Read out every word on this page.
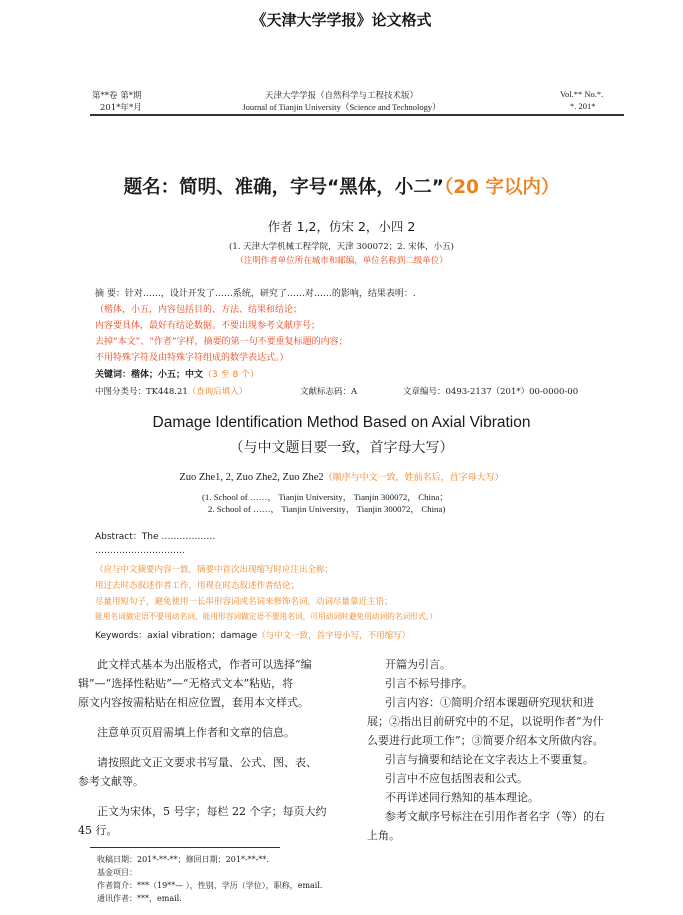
《天津大学学报》论文格式
第**卷 第*期
201*年*月
天津大学学报（自然科学与工程技术版）
Journal of Tianjin University（Science and Technology）
Vol.** No.*.
*. 201*
题名：简明、准确，字号“黑体，小二”（20 字以内）
作者 1,2，仿宋 2，小四 2
(1. 天津大学机械工程学院，天津 300072；2. 宋体，小五)
（注明作者单位所在城市和邮编，单位名称到二级单位）
摘 要：针对……，设计开发了……系统，研究了……对……的影响，结果表明：.
（楷体，小五，内容包括目的、方法、结果和结论；
内容要具体，最好有结论数据。不要出现参考文献序号；
去掉“本文”、“作者”字样，摘要的第一句不要重复标题的内容；
不用特殊字符及由特殊字符组成的数学表达式。）
关键词：楷体；小五；中文（3 至 8 个）
中图分类号：TK448.21（查询后填入）	文献标志码：A	文章编号：0493-2137（201*）00-0000-00
Damage Identification Method Based on Axial Vibration
（与中文题目要一致，首字母大写）
Zuo Zhe1, 2, Zuo Zhe2, Zuo Zhe2（顺序与中文一致，姓前名后，首字母大写）
(1. School of ……， Tianjin University， Tianjin 300072， China；
2. School of ……， Tianjin University， Tianjin 300072， China)
Abstract：The ………………
…………………………
（应与中文摘要内容一致，摘要中首次出现缩写时应注出全称；
用过去时态叙述作者工作，用现在时态叙述作者结论；
尽量用短句子，避免使用一长串形容词或名词来修饰名词，动词尽量靠近主语；
能用名词做定语不要用动名词，能用形容词做定语不要用名词，可用动词时避免用动词的名词形式。）
Keywords：axial vibration；damage（与中文一致，首字母小写，不用缩写）
此文样式基本为出版格式，作者可以选择“编
辑”—“选择性粘贴”—“无格式文本”粘贴，将
原文内容按需粘贴在相应位置，套用本文样式。
注意单页页眉需填上作者和文章的信息。
请按照此文正文要求书写量、公式、图、表、
参考文献等。
正文为宋体，5 号字；每栏 22 个字；每页大约
45 行。
开篇为引言。
引言不标号排序。
引言内容：①简明介绍本课题研究现状和进
展；②指出目前研究中的不足，以说明作者“为什
么要进行此项工作”；③简要介绍本文所做内容。
引言与摘要和结论在文字表达上不要重复。
引言中不应包括图表和公式。
不再详述同行熟知的基本理论。
参考文献序号标注在引用作者名字（等）的右
上角。
收稿日期：201*-**-**；修回日期：201*-**-**.
基金项目：
作者简介：***（19**— ），性别，学历（学位），职称，email.
通讯作者：***，email.
